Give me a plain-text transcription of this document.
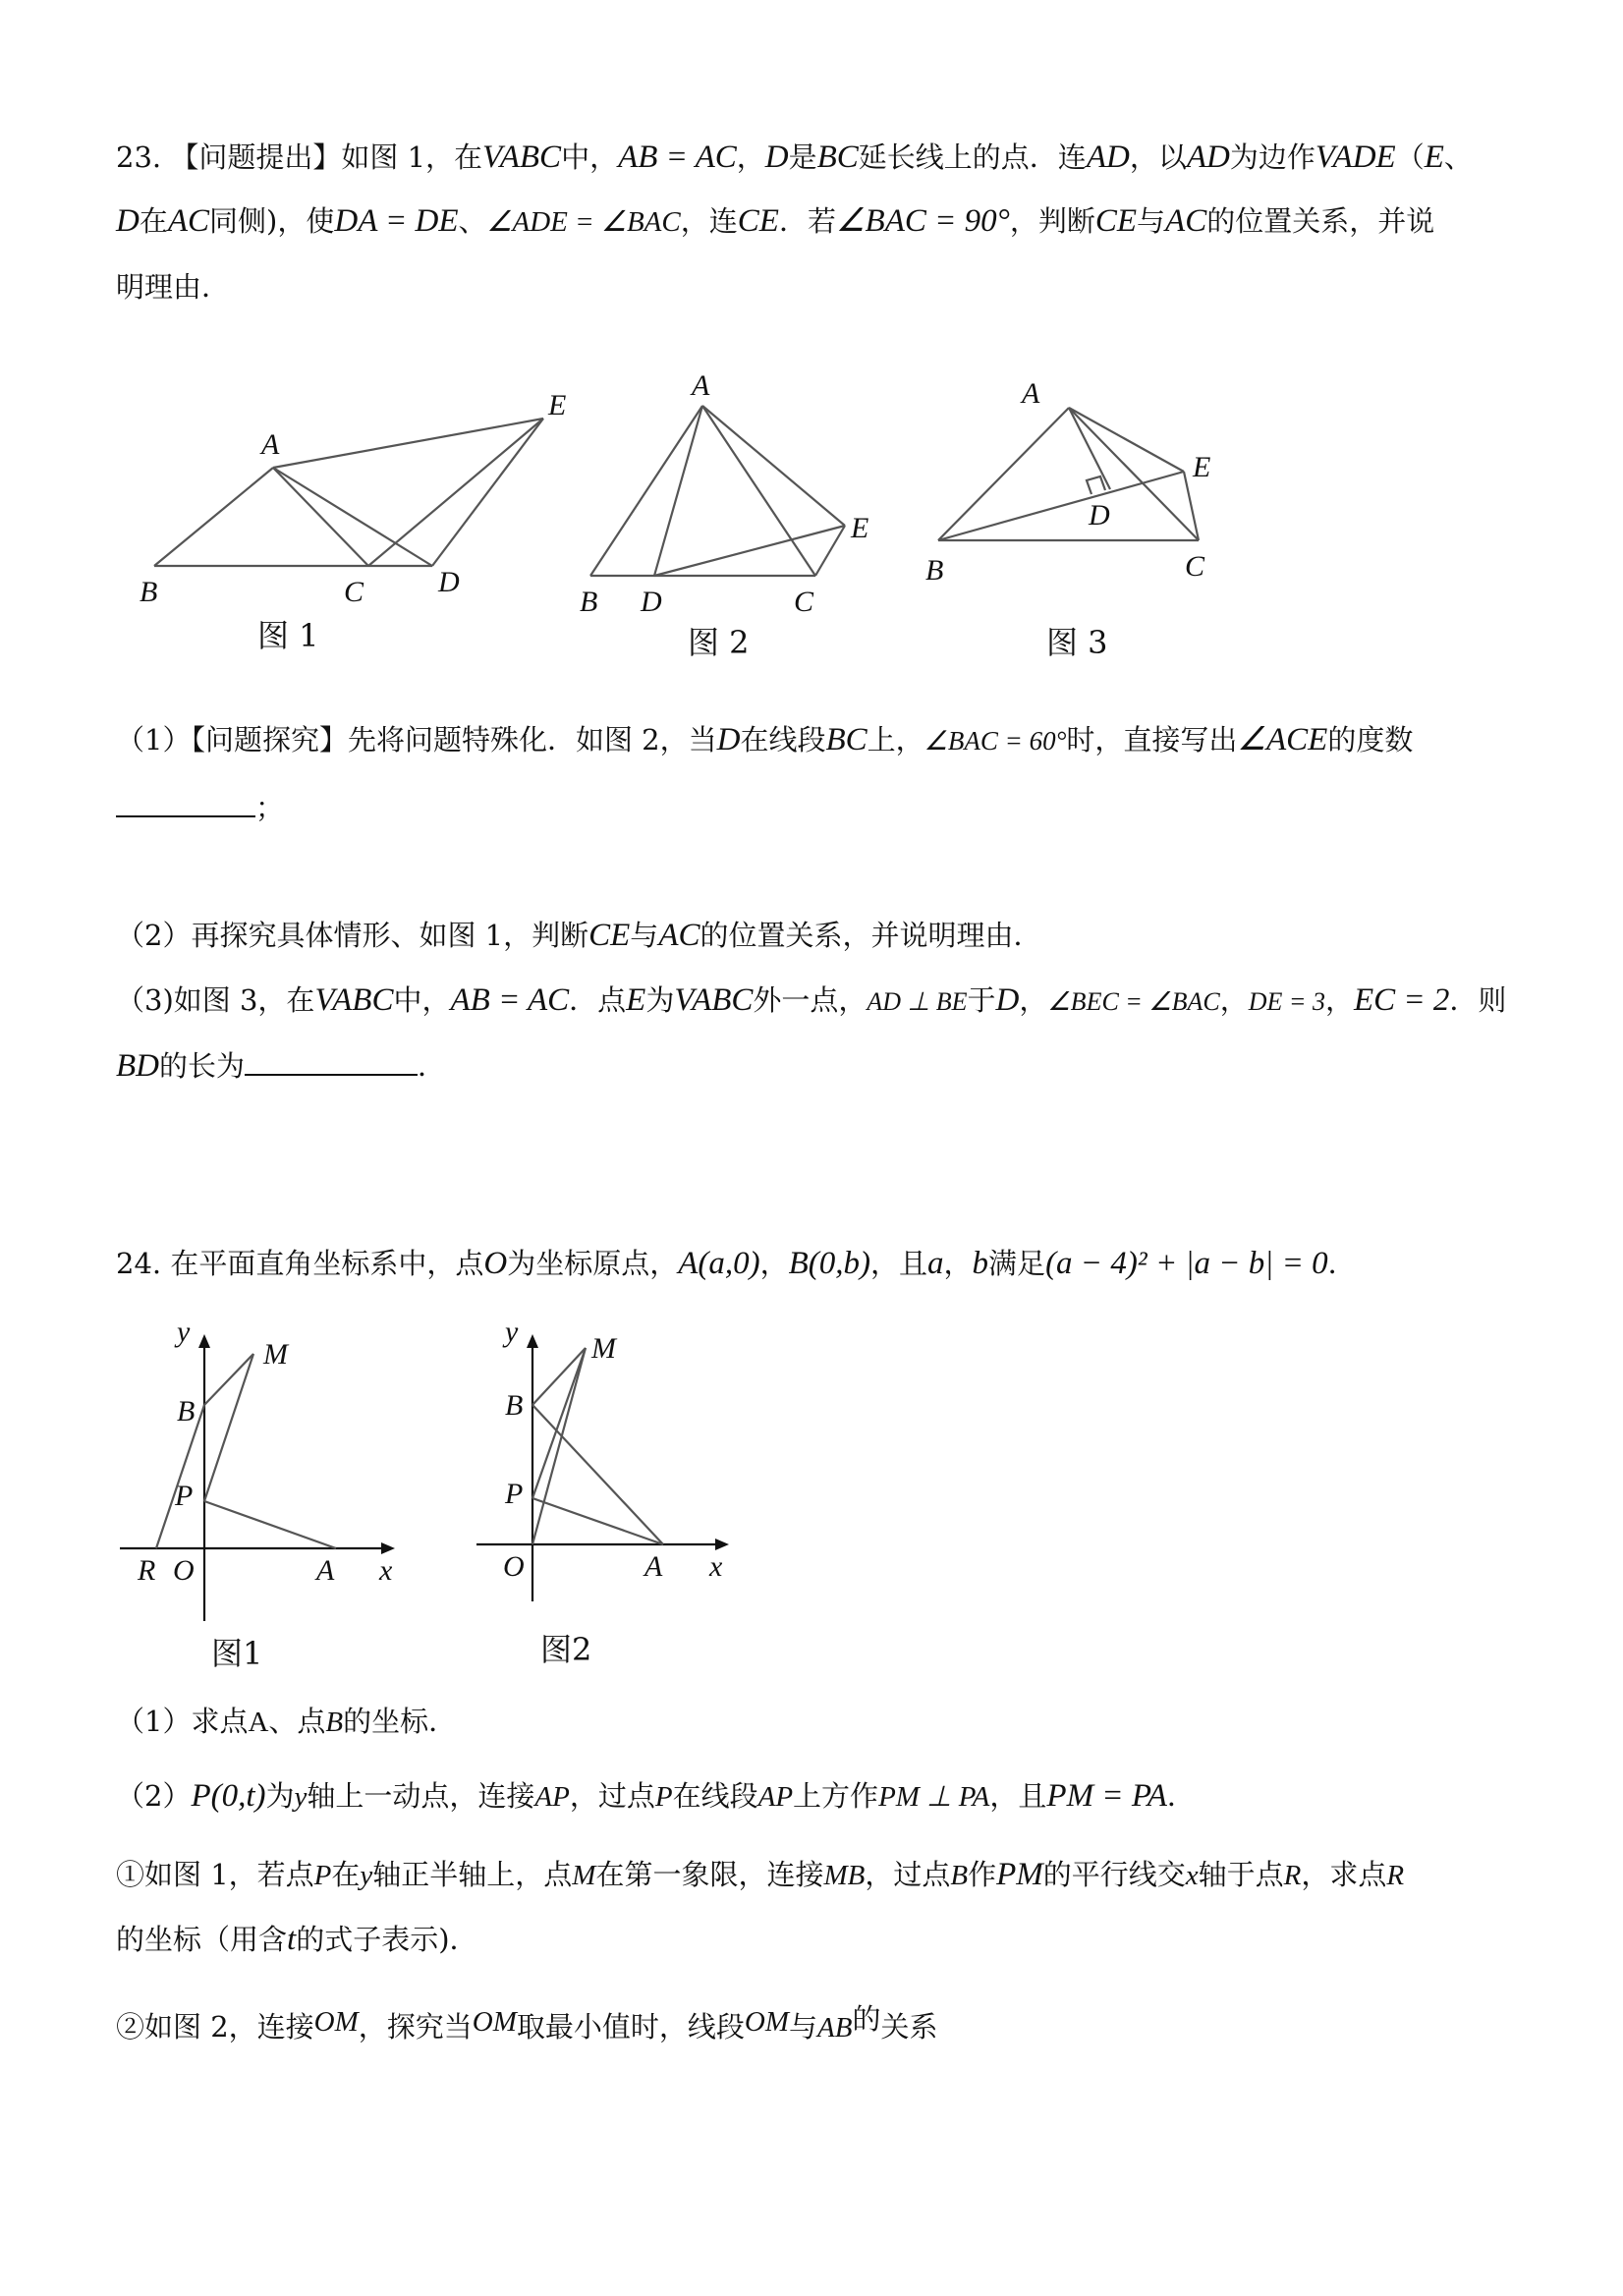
23. 【问题提出】如图 1，在VABC中，AB = AC，D是BC延长线上的点．连AD，以AD为边作VADE（E、
D在AC同侧)，使DA = DE、∠ADE = ∠BAC，连CE．若∠BAC = 90°，判断CE与AC的位置关系，并说
明理由．
A
B	C	D
E
图 1
A
B D	C
E
图 2
A
B	C
D
E
图 3
（1）【问题探究】先将问题特殊化．如图 2，当D在线段BC上，∠BAC = 60°时，直接写出∠ACE的度数
；
（2）再探究具体情形、如图 1，判断CE与AC的位置关系，并说明理由．
（3)如图 3，在VABC中，AB = AC．点E为VABC外一点，AD ⊥ BE于D，∠BEC = ∠BAC，DE = 3，EC = 2．则
BD的长为	．
24. 在平面直角坐标系中，点O为坐标原点，A(a,0)，B(0,b)，且a，b满足(a − 4)² + |a − b| = 0．
y
M
B
P
R O	A x
图1
y
M
B
P
O	A x
图2
（1）求点A、点B的坐标．
（2）P(0,t)为y轴上一动点，连接AP，过点P在线段AP上方作PM ⊥ PA，且PM = PA．
①如图 1，若点P在y轴正半轴上，点M在第一象限，连接MB，过点B作PM的平行线交x轴于点R，求点R
的坐标（用含t的式子表示)．
②如图 2，连接OM，探究当OM取最小值时，线段OM与AB的关系
